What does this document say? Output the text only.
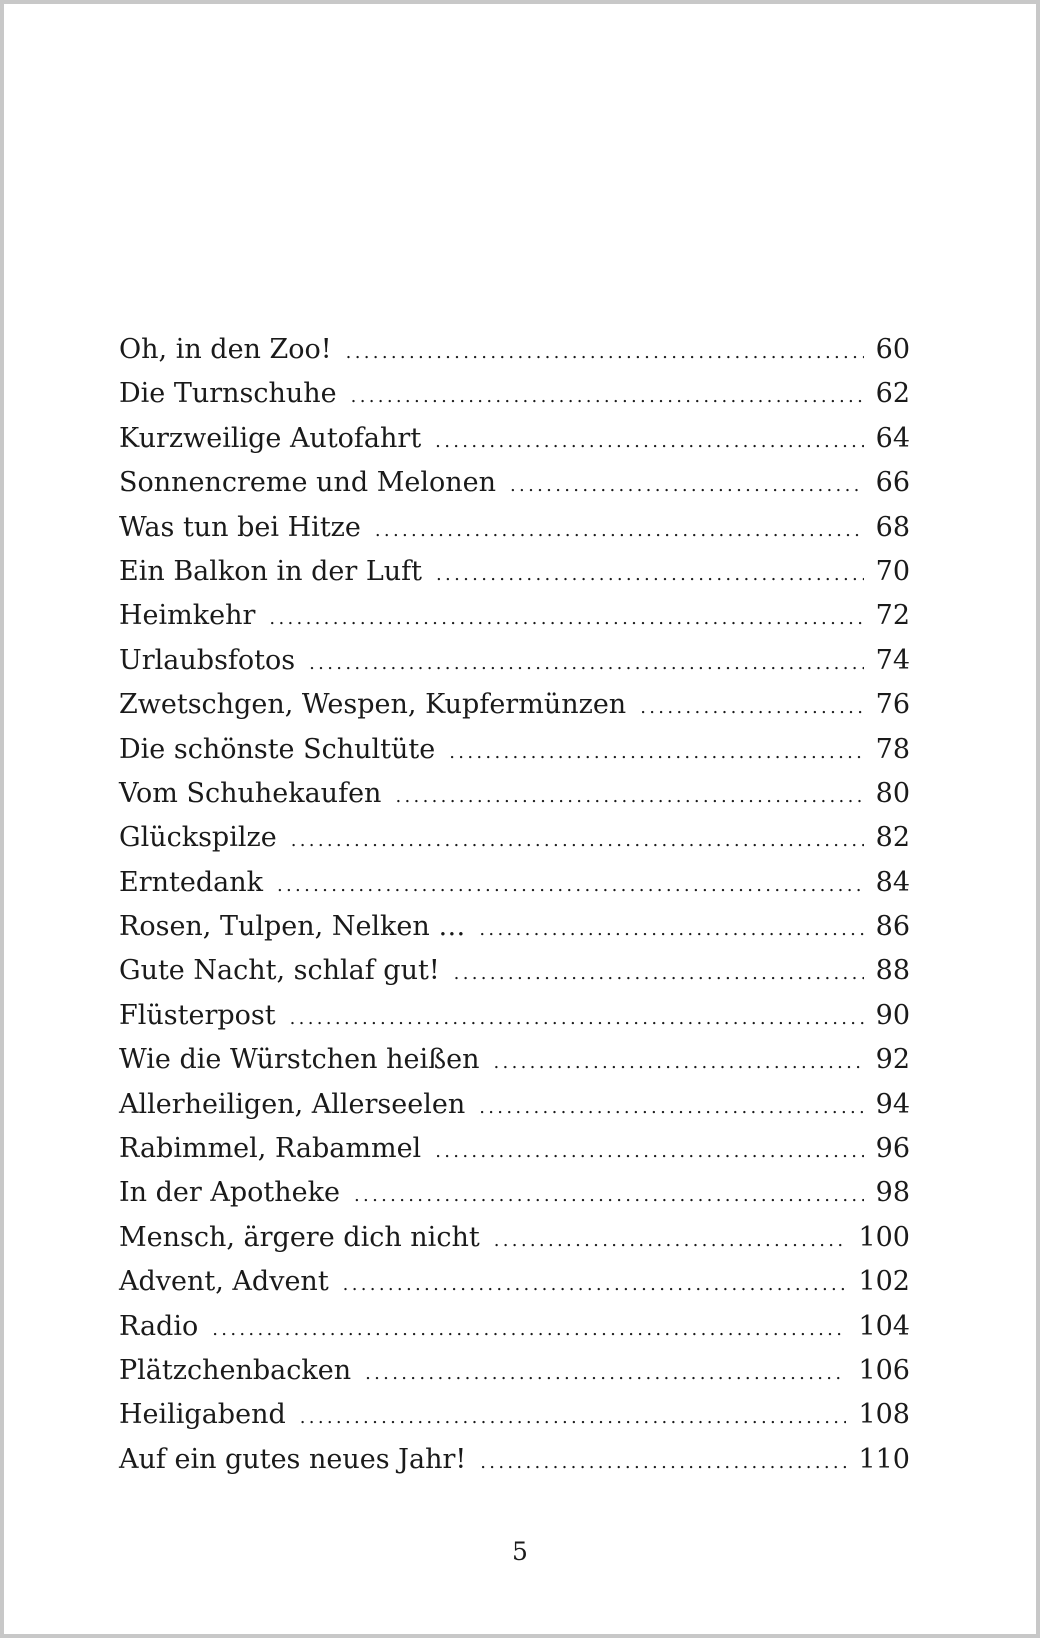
Oh, in den Zoo! . . .	60
Die Turnschuhe . . .	62
Kurzweilige Autofahrt . . .	64
Sonnencreme und Melonen . . .	66
Was tun bei Hitze . . .	68
Ein Balkon in der Luft . . .	70
Heimkehr . . .	72
Urlaubsfotos . . .	74
Zwetschgen, Wespen, Kupfermünzen . . .	76
Die schönste Schultüte . . .	78
Vom Schuhekaufen . . .	80
Glückspilze . . .	82
Erntedank . . .	84
Rosen, Tulpen, Nelken … . . .	86
Gute Nacht, schlaf gut! . . .	88
Flüsterpost . . .	90
Wie die Würstchen heißen . . .	92
Allerheiligen, Allerseelen . . .	94
Rabimmel, Rabammel . . .	96
In der Apotheke . . .	98
Mensch, ärgere dich nicht . . .	100
Advent, Advent . . .	102
Radio . . .	104
Plätzchenbacken . . .	106
Heiligabend . . .	108
Auf ein gutes neues Jahr! . . .	110
5
